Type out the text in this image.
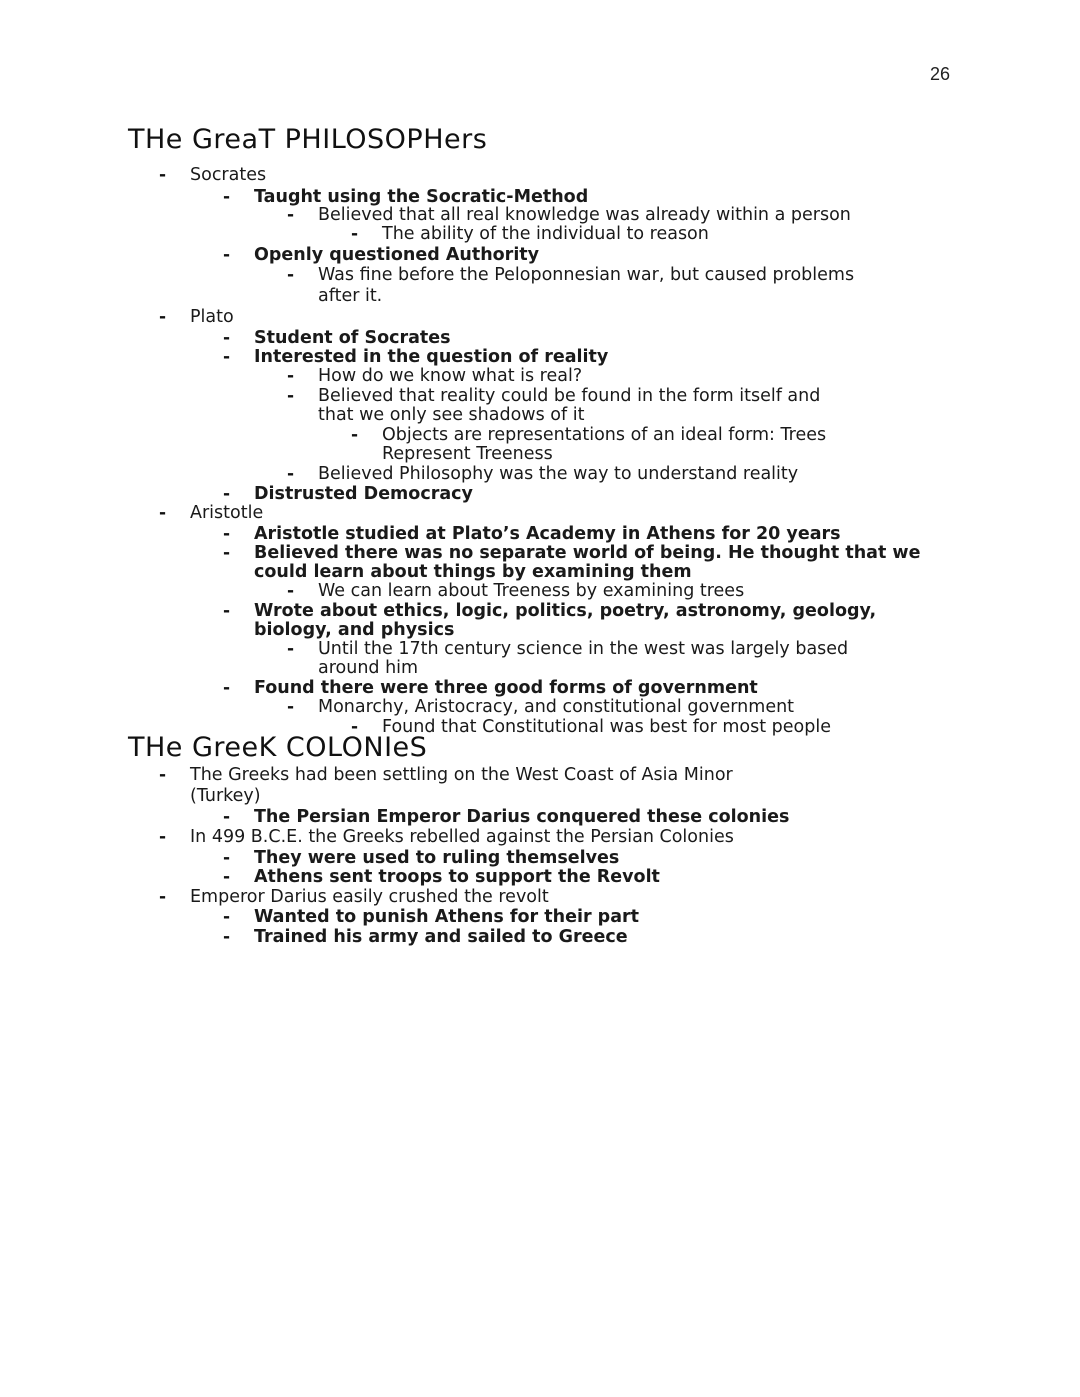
26
THe GreaT PHILOSOPHers
-
-
-
-
-
-
-
-
-
-
-
-
-
-
-
-
-
-
-
-
-
-
-
Socrates
Taught using the Socratic-Method
Believed that all real knowledge was already within a person
The ability of the individual to reason
Openly questioned Authority
Was fine before the Peloponnesian war, but caused problems
after it.
Plato
Student of Socrates
Interested in the question of reality
How do we know what is real?
Believed that reality could be found in the form itself and
that we only see shadows of it
Objects are representations of an ideal form: Trees
Represent Treeness
Believed Philosophy was the way to understand reality
Distrusted Democracy
Aristotle
Aristotle studied at Plato’s Academy in Athens for 20 years
Believed there was no separate world of being. He thought that we
could learn about things by examining them
We can learn about Treeness by examining trees
Wrote about ethics, logic, politics, poetry, astronomy, geology,
biology, and physics
Until the 17th century science in the west was largely based
around him
Found there were three good forms of government
Monarchy, Aristocracy, and constitutional government
Found that Constitutional was best for most people
THe GreeK COLONIeS
-
-
-
-
-
-
-
-
The Greeks had been settling on the West Coast of Asia Minor
(Turkey)
The Persian Emperor Darius conquered these colonies
In 499 B.C.E. the Greeks rebelled against the Persian Colonies
They were used to ruling themselves
Athens sent troops to support the Revolt
Emperor Darius easily crushed the revolt
Wanted to punish Athens for their part
Trained his army and sailed to Greece
